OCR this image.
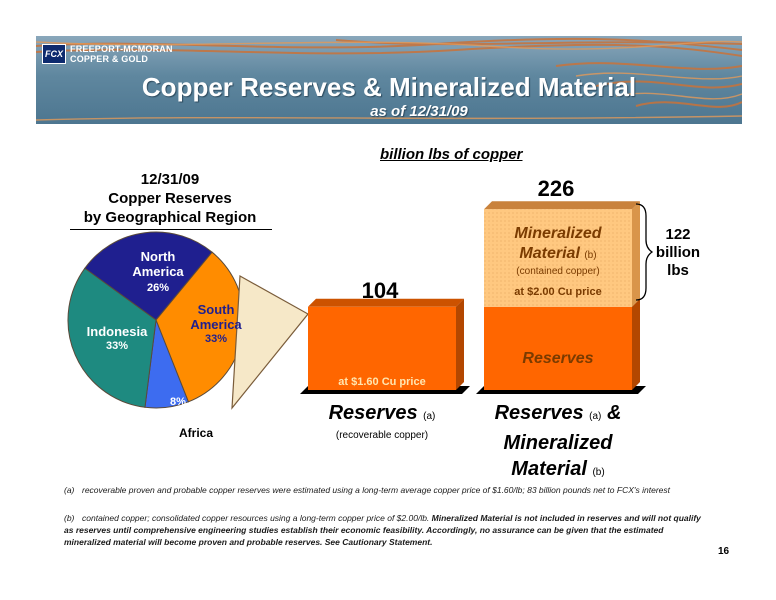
FCX FREEPORT-MCMORAN
COPPER & GOLD
Copper Reserves & Mineralized Material
as of 12/31/09
billion lbs of copper
12/31/09
Copper Reserves
by Geographical Region
North America
26%
South America
33%
Indonesia
33%
8%
Africa
104
at $1.60 Cu price
226
Mineralized
Material (b)
(contained copper)
at $2.00 Cu price
Reserves
122
billion
lbs
Reserves (a)
(recoverable copper)
Reserves (a) &
Mineralized
Material (b)
(a) recoverable proven and probable copper reserves were estimated using a long-term average copper price of $1.60/lb; 83 billion pounds net to FCX's interest
(b) contained copper; consolidated copper resources using a long-term copper price of $2.00/lb. Mineralized Material is not included in reserves and will not qualify as reserves until comprehensive engineering studies establish their economic feasibility. Accordingly, no assurance can be given that the estimated mineralized material will become proven and probable reserves. See Cautionary Statement.
16
